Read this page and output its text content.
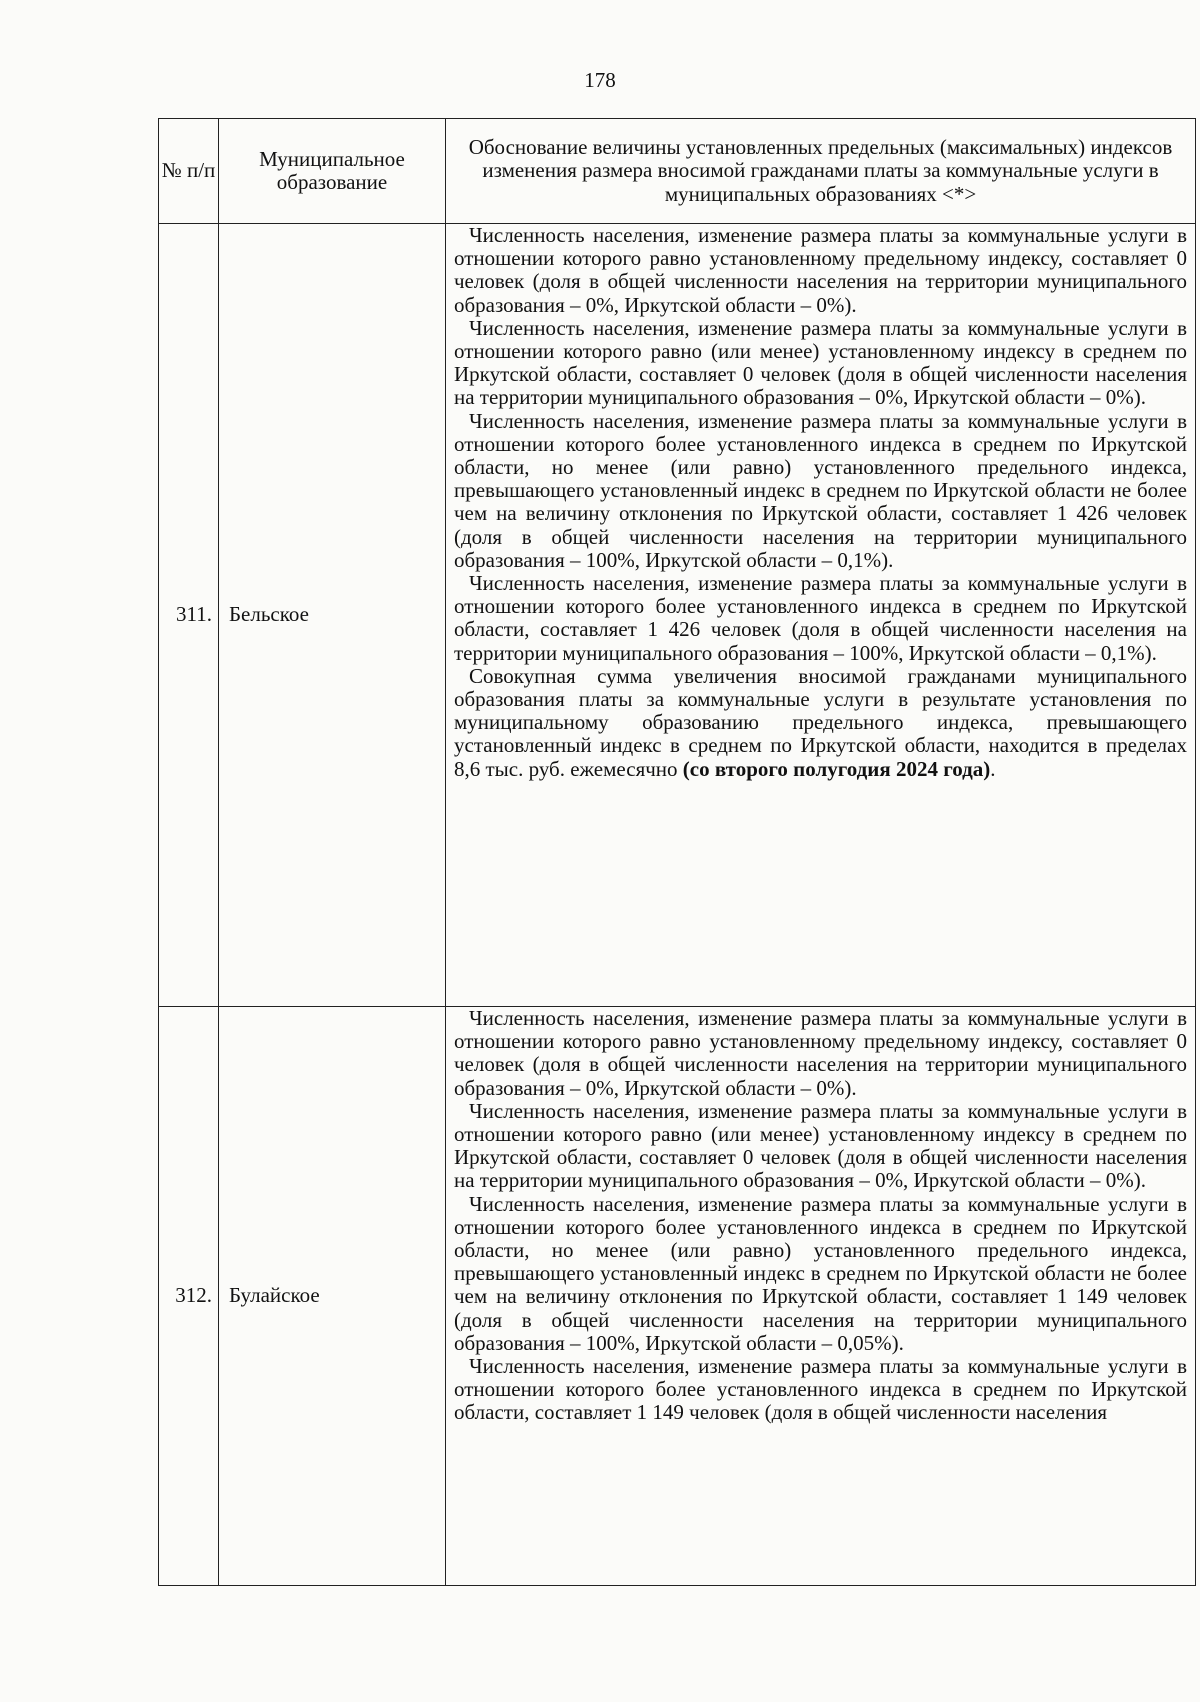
178
№ п/п	Муниципальное образование	Обоснование величины установленных предельных (максимальных) индексов изменения размера вносимой гражданами платы за коммунальные услуги в муниципальных образованиях <*>
311.	Бельское	Численность населения, изменение размера платы за коммунальные услуги в отношении которого равно установленному предельному индексу, составляет 0 человек (доля в общей численности населения на территории муниципального образования – 0%, Иркутской области – 0%).

Численность населения, изменение размера платы за коммунальные услуги в отношении которого равно (или менее) установленному индексу в среднем по Иркутской области, составляет 0 человек (доля в общей численности населения на территории муниципального образования – 0%, Иркутской области – 0%).

Численность населения, изменение размера платы за коммунальные услуги в отношении которого более установленного индекса в среднем по Иркутской области, но менее (или равно) установленного предельного индекса, превышающего установленный индекс в среднем по Иркутской области не более чем на величину отклонения по Иркутской области, составляет 1 426 человек (доля в общей численности населения на территории муниципального образования – 100%, Иркутской области – 0,1%).

Численность населения, изменение размера платы за коммунальные услуги в отношении которого более установленного индекса в среднем по Иркутской области, составляет 1 426 человек (доля в общей численности населения на территории муниципального образования – 100%, Иркутской области – 0,1%).

Совокупная сумма увеличения вносимой гражданами муниципального образования платы за коммунальные услуги в результате установления по муниципальному образованию предельного индекса, превышающего установленный индекс в среднем по Иркутской области, находится в пределах 8,6 тыс. руб. ежемесячно (со второго полугодия 2024 года).

312.	Булайское	Численность населения, изменение размера платы за коммунальные услуги в отношении которого равно установленному предельному индексу, составляет 0 человек (доля в общей численности населения на территории муниципального образования – 0%, Иркутской области – 0%).

Численность населения, изменение размера платы за коммунальные услуги в отношении которого равно (или менее) установленному индексу в среднем по Иркутской области, составляет 0 человек (доля в общей численности населения на территории муниципального образования – 0%, Иркутской области – 0%).

Численность населения, изменение размера платы за коммунальные услуги в отношении которого более установленного индекса в среднем по Иркутской области, но менее (или равно) установленного предельного индекса, превышающего установленный индекс в среднем по Иркутской области не более чем на величину отклонения по Иркутской области, составляет 1 149 человек (доля в общей численности населения на территории муниципального образования – 100%, Иркутской области – 0,05%).

Численность населения, изменение размера платы за коммунальные услуги в отношении которого более установленного индекса в среднем по Иркутской области, составляет 1 149 человек (доля в общей численности населения
